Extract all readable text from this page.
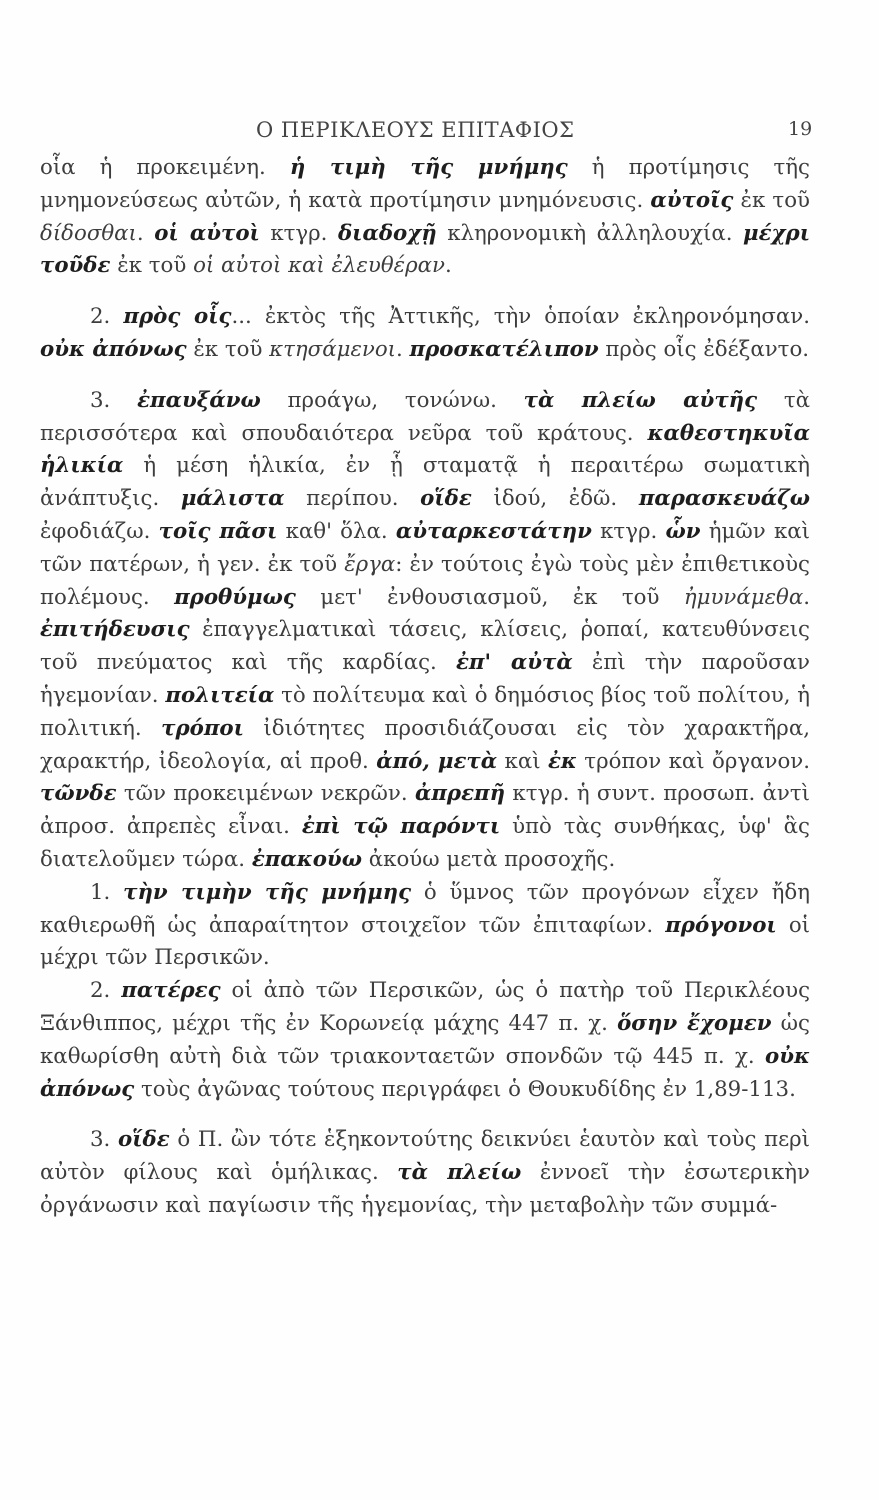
Ο ΠΕΡΙΚΛΕΟΥΣ ΕΠΙΤΑΦΙΟΣ	19

οἷα ἡ προκειμένη. ἡ τιμὴ τῆς μνήμης ἡ προτίμησις τῆς μνημονεύσεως αὐτῶν, ἡ κατὰ προτίμησιν μνημόνευσις. αὐτοῖς ἐκ τοῦ δίδοσθαι. οἱ αὐτοὶ κτγρ. διαδοχῇ κληρονομικὴ ἀλληλουχία. μέχρι τοῦδε ἐκ τοῦ οἱ αὐτοὶ καὶ ἐλευθέραν.

2. πρὸς οἷς... ἐκτὸς τῆς Ἀττικῆς, τὴν ὁποίαν ἐκληρονόμησαν. οὐκ ἀπόνως ἐκ τοῦ κτησάμενοι. προσκατέλιπον πρὸς οἷς ἐδέξαντο.

3. ἐπαυξάνω προάγω, τονώνω. τὰ πλείω αὐτῆς τὰ περισσότερα καὶ σπουδαιότερα νεῦρα τοῦ κράτους. καθεστηκυῖα ἡλικία ἡ μέση ἡλικία, ἐν ᾗ σταματᾷ ἡ περαιτέρω σωματικὴ ἀνάπτυξις. μάλιστα περίπου. οἵδε ἰδού, ἐδῶ. παρασκευάζω ἐφοδιάζω. τοῖς πᾶσι καθ' ὅλα. αὐταρκεστάτην κτγρ. ὧν ἡμῶν καὶ τῶν πατέρων, ἡ γεν. ἐκ τοῦ ἔργα: ἐν τούτοις ἐγὼ τοὺς μὲν ἐπιθετικοὺς πολέμους. προθύμως μετ' ἐνθουσιασμοῦ, ἐκ τοῦ ἠμυνάμεθα. ἐπιτήδευσις ἐπαγγελματικαὶ τάσεις, κλίσεις, ῥοπαί, κατευθύνσεις τοῦ πνεύματος καὶ τῆς καρδίας. ἐπ' αὐτὰ ἐπὶ τὴν παροῦσαν ἡγεμονίαν. πολιτεία τὸ πολίτευμα καὶ ὁ δημόσιος βίος τοῦ πολίτου, ἡ πολιτική. τρόποι ἰδιότητες προσιδιάζουσαι εἰς τὸν χαρακτῆρα, χαρακτήρ, ἰδεολογία, αἱ προθ. ἀπό, μετὰ καὶ ἐκ τρόπον καὶ ὄργανον. τῶνδε τῶν προκειμένων νεκρῶν. ἀπρεπῆ κτγρ. ἡ συντ. προσωπ. ἀντὶ ἀπροσ. ἀπρεπὲς εἶναι. ἐπὶ τῷ παρόντι ὑπὸ τὰς συνθήκας, ὑφ' ἃς διατελοῦμεν τώρα. ἐπακούω ἀκούω μετὰ προσοχῆς.

1. τὴν τιμὴν τῆς μνήμης ὁ ὕμνος τῶν προγόνων εἶχεν ἤδη καθιερωθῆ ὡς ἀπαραίτητον στοιχεῖον τῶν ἐπιταφίων. πρόγονοι οἱ μέχρι τῶν Περσικῶν.

2. πατέρες οἱ ἀπὸ τῶν Περσικῶν, ὡς ὁ πατὴρ τοῦ Περικλέους Ξάνθιππος, μέχρι τῆς ἐν Κορωνείᾳ μάχης 447 π. χ. ὅσην ἔχομεν ὡς καθωρίσθη αὐτὴ διὰ τῶν τριακονταετῶν σπονδῶν τῷ 445 π. χ. οὐκ ἀπόνως τοὺς ἀγῶνας τούτους περιγράφει ὁ Θουκυδίδης ἐν 1,89-113.

3. οἵδε ὁ Π. ὢν τότε ἑξηκοντούτης δεικνύει ἑαυτὸν καὶ τοὺς περὶ αὐτὸν φίλους καὶ ὁμήλικας. τὰ πλείω ἐννοεῖ τὴν ἐσωτερικὴν ὀργάνωσιν καὶ παγίωσιν τῆς ἡγεμονίας, τὴν μεταβολὴν τῶν συμμά-
